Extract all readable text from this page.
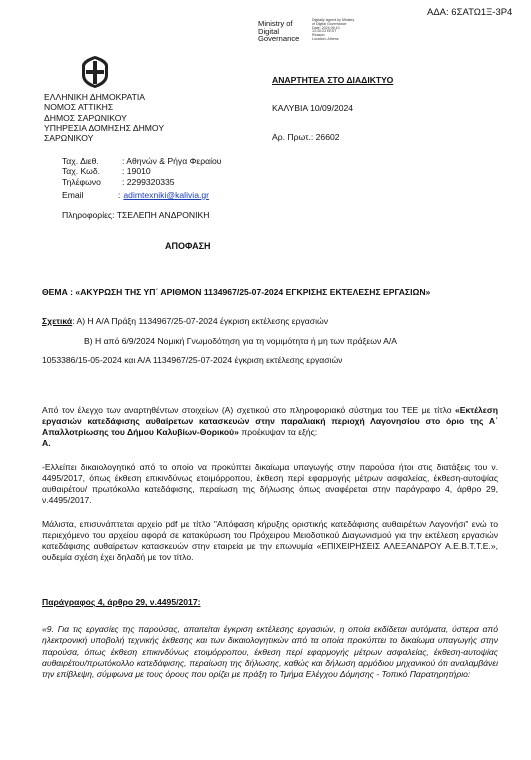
ΑΔΑ: 6ΣΑΤΩ1Ξ-3Ρ4
Ministry of
Digital
Governance
Digitally signed by Ministry
of Digital Governance
Date: 2024.09.10
13:30:23 EEST
Reason:
Location: Athens
ΕΛΛΗΝΙΚΗ ΔΗΜΟΚΡΑΤΙΑ
ΝΟΜΟΣ ΑΤΤΙΚΗΣ
ΔΗΜΟΣ ΣΑΡΩΝΙΚΟΥ
ΥΠΗΡΕΣΙΑ ΔΟΜΗΣΗΣ ΔΗΜΟΥ
ΣΑΡΩΝΙΚΟΥ
ΑΝΑΡΤΗΤΕΑ ΣΤΟ ΔΙΑΔΙΚΤΥΟ
ΚΑΛΥΒΙΑ 10/09/2024
Αρ. Πρωτ.: 26602
Ταχ. Διεθ.	: Αθηνών & Ρήγα Φεραίου
Ταχ. Κωδ.	: 19010
Τηλέφωνο	: 2299320335
Email	: adimtexniki@kalivia.gr
Πληροφορίες: ΤΣΕΛΕΠΗ ΑΝΔΡΟΝΙΚΗ
ΑΠΟΦΑΣΗ
ΘΕΜΑ : «ΑΚΥΡΩΣΗ ΤΗΣ ΥΠ΄ ΑΡΙΘΜΟΝ 1134967/25-07-2024 ΕΓΚΡΙΣΗΣ ΕΚΤΕΛΕΣΗΣ ΕΡΓΑΣΙΩΝ»
Σχετικά: Α) Η Α/Α Πράξη 1134967/25-07-2024 έγκριση εκτέλεσης εργασιών
Β) Η από 6/9/2024 Νομική Γνωμοδότηση για τη νομιμότητα ή μη των πράξεων Α/Α
1053386/15-05-2024 και Α/Α 1134967/25-07-2024 έγκριση εκτέλεσης εργασιών
Από τον έλεγχο των αναρτηθέντων στοιχείων (Α) σχετικού στο πληροφοριακό σύστημα του ΤΕΕ με τίτλο «Εκτέλεση εργασιών κατεδάφισης αυθαίρετων κατασκευών στην παραλιακή περιοχή Λαγονησίου στο όριο της Α΄ Απαλλοτρίωσης του Δήμου Καλυβίων-Θορικού» προέκυψαν τα εξής:
Α.
-Ελλείπει δικαιολογητικό από το οποίο να προκύπτει δικαίωμα υπαγωγής στην παρούσα ήτοι στις διατάξεις του ν. 4495/2017, όπως έκθεση επικινδύνως ετοιμόρροπου, έκθεση περί εφαρμογής μέτρων ασφαλείας, έκθεση-αυτοψίας αυθαιρέτου/ πρωτόκολλο κατεδάφισης, περαίωση της δήλωσης όπως αναφέρεται στην παράγραφο 4, άρθρο 29, ν.4495/2017.
Μάλιστα, επισυνάπτεται αρχείο pdf με τίτλο "Απόφαση κήρυξης οριστικής κατεδάφισης αυθαιρέτων Λαγονήσι" ενώ το περιεχόμενο του αρχείου αφορά σε κατακύρωση του Πρόχειρου Μειοδοτικού Διαγωνισμού για την εκτέλεση εργασιών κατεδάφισης αυθαίρετων κατασκευών στην εταιρεία με την επωνυμία «ΕΠΙΧΕΙΡΗΣΕΙΣ ΑΛΕΞΑΝΔΡΟΥ Α.Ε.Β.Τ.Τ.Ε.», ουδεμία σχέση έχει δηλαδή με τον τίτλο.
Παράγραφος 4, άρθρο 29, ν.4495/2017:
«9. Για τις εργασίες της παρούσας, απαιτείται έγκριση εκτέλεσης εργασιών, η οποία εκδίδεται αυτόματα, ύστερα από ηλεκτρονική υποβολή τεχνικής έκθεσης και των δικαιολογητικών από τα οποία προκύπτει το δικαίωμα υπαγωγής στην παρούσα, όπως έκθεση επικινδύνως ετοιμόρροπου, έκθεση περί εφαρμογής μέτρων ασφαλείας, έκθεση-αυτοψίας αυθαιρέτου/πρωτόκολλο κατεδάφισης, περαίωση της δήλωσης, καθώς και δήλωση αρμόδιου μηχανικού ότι αναλαμβάνει την επίβλεψη, σύμφωνα με τους όρους που ορίζει με πράξη το Τμήμα Ελέγχου Δόμησης - Τοπικό Παρατηρητήριο:
